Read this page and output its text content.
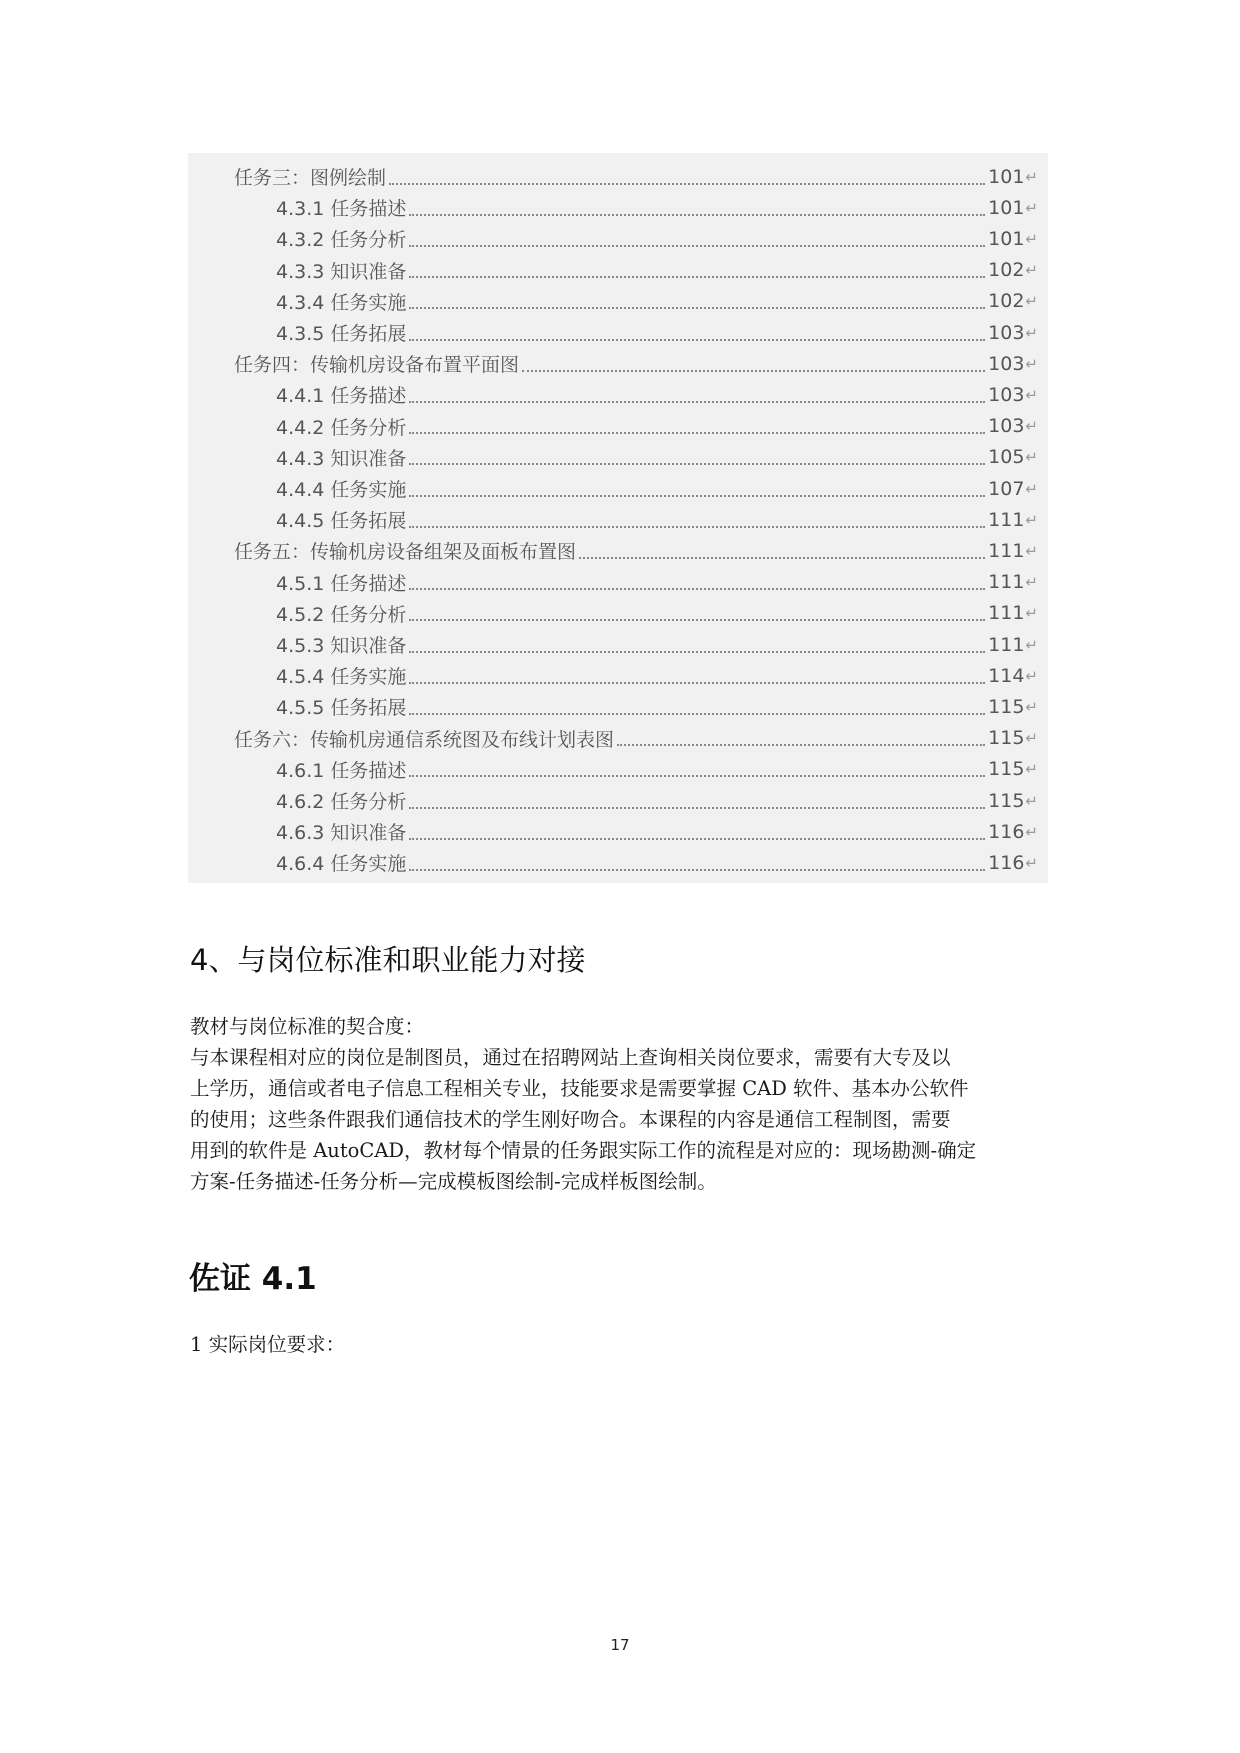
任务三：图例绘制	101 ↵
4.3.1 任务描述	101 ↵
4.3.2 任务分析	101 ↵
4.3.3 知识准备	102 ↵
4.3.4 任务实施	102 ↵
4.3.5 任务拓展	103 ↵
任务四：传输机房设备布置平面图	103 ↵
4.4.1 任务描述	103 ↵
4.4.2 任务分析	103 ↵
4.4.3 知识准备	105 ↵
4.4.4 任务实施	107 ↵
4.4.5 任务拓展	111 ↵
任务五：传输机房设备组架及面板布置图	111 ↵
4.5.1 任务描述	111 ↵
4.5.2 任务分析	111 ↵
4.5.3 知识准备	111 ↵
4.5.4 任务实施	114 ↵
4.5.5 任务拓展	115 ↵
任务六：传输机房通信系统图及布线计划表图	115 ↵
4.6.1 任务描述	115 ↵
4.6.2 任务分析	115 ↵
4.6.3 知识准备	116 ↵
4.6.4 任务实施	116 ↵
4、与岗位标准和职业能力对接
教材与岗位标准的契合度：
与本课程相对应的岗位是制图员，通过在招聘网站上查询相关岗位要求，需要有大专及以
上学历，通信或者电子信息工程相关专业，技能要求是需要掌握 CAD 软件、基本办公软件
的使用；这些条件跟我们通信技术的学生刚好吻合。本课程的内容是通信工程制图，需要
用到的软件是 AutoCAD，教材每个情景的任务跟实际工作的流程是对应的：现场勘测-确定
方案-任务描述-任务分析—完成模板图绘制-完成样板图绘制。
佐证 4.1
1 实际岗位要求：
17
